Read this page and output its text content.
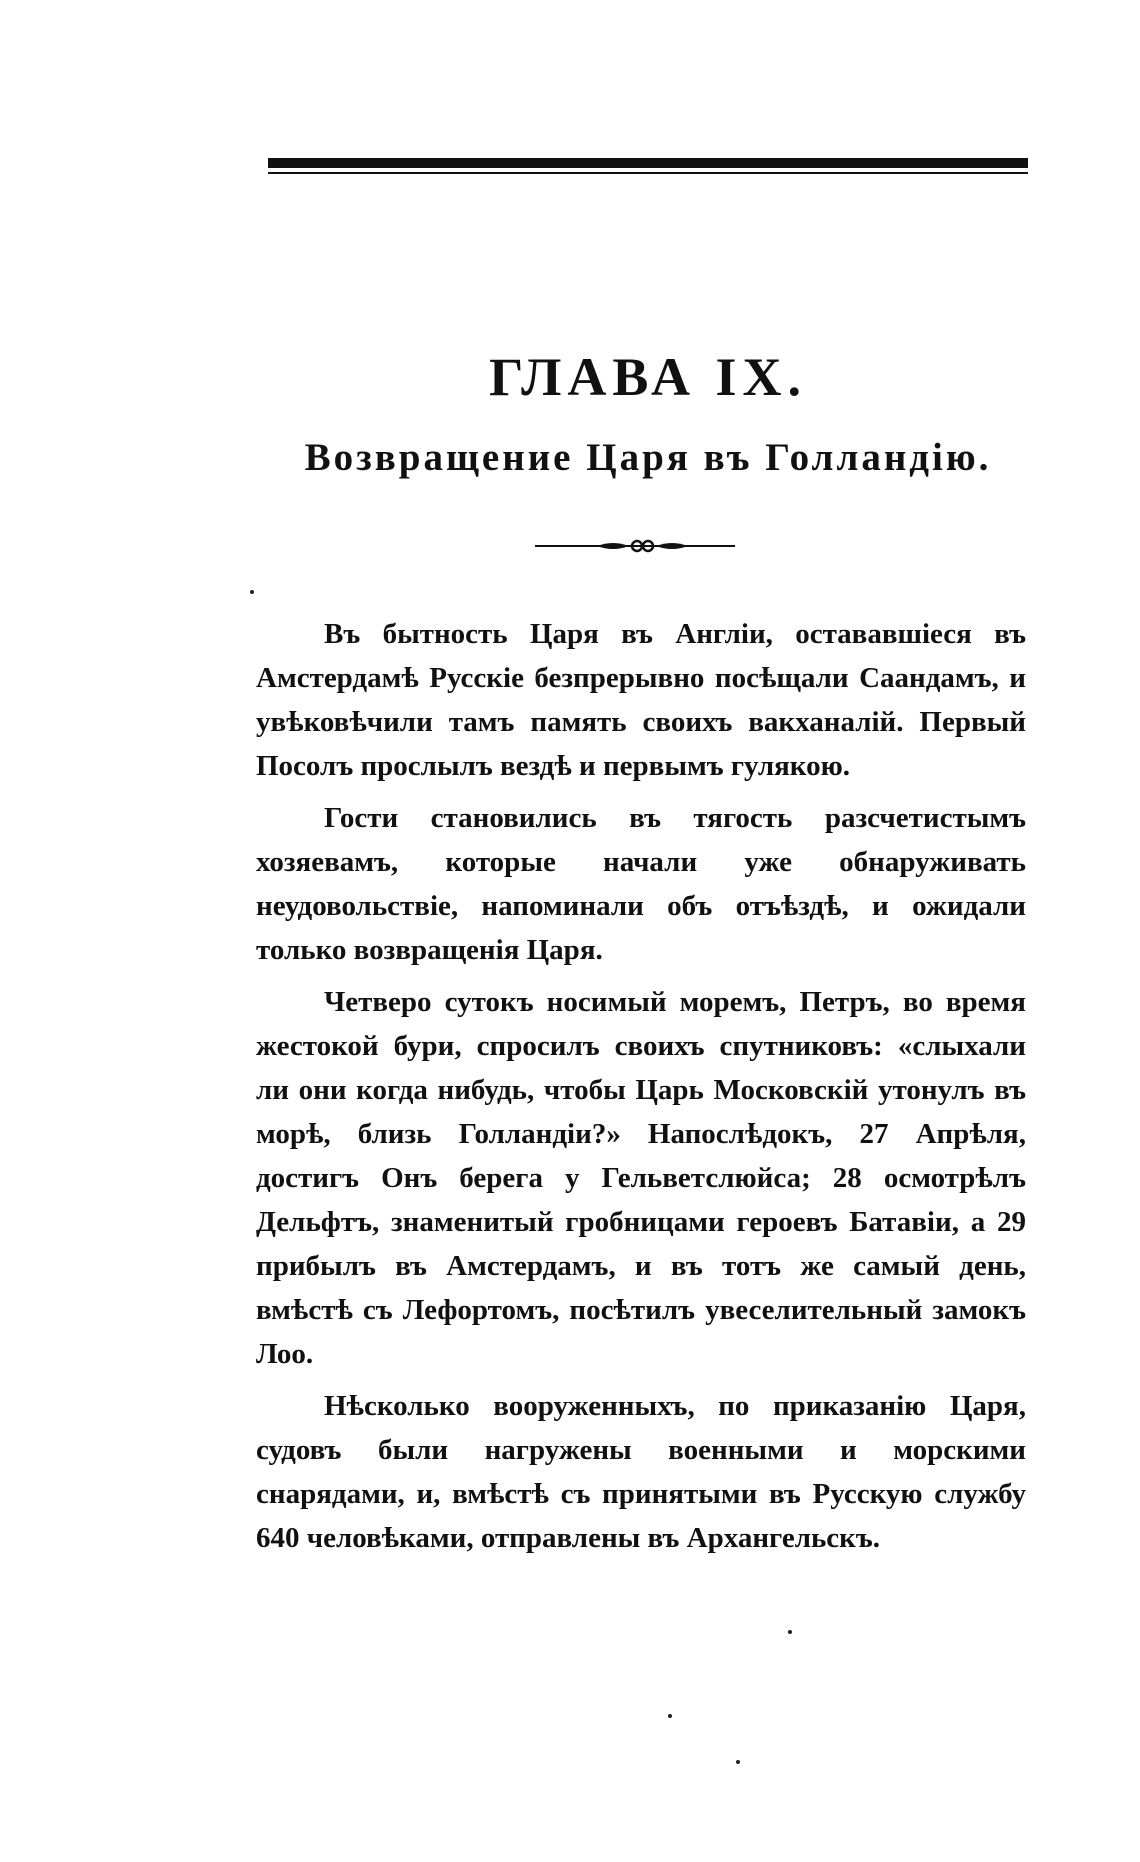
ГЛАВА IX.
Возвращение Царя въ Голландію.

Въ бытность Царя въ Англіи, остававшіеся въ Амстердамѣ Русскіе безпрерывно посѣщали Саандамъ, и увѣковѣчили тамъ память своихъ вакханалій. Первый Посолъ прослылъ вездѣ и первымъ гулякою.

Гости становились въ тягость разсчетистымъ хозяевамъ, которые начали уже обнаруживать неудовольствіе, напоминали объ отъѣздѣ, и ожидали только возвращенія Царя.

Четверо сутокъ носимый моремъ, Петръ, во время жестокой бури, спросилъ своихъ спутниковъ: «слыхали ли они когда нибудь, чтобы Царь Московскій утонулъ въ морѣ, близь Голландіи?» Напослѣдокъ, 27 Апрѣля, достигъ Онъ берега у Гельветслюйса; 28 осмотрѣлъ Дельфтъ, знаменитый гробницами героевъ Батавіи, а 29 прибылъ въ Амстердамъ, и въ тотъ же самый день, вмѣстѣ съ Лефортомъ, посѣтилъ увеселительный замокъ Лоо.

Нѣсколько вооруженныхъ, по приказанію Царя, судовъ были нагружены военными и морскими снарядами, и, вмѣстѣ съ принятыми въ Русскую службу 640 человѣками, отправлены въ Архангельскъ.
